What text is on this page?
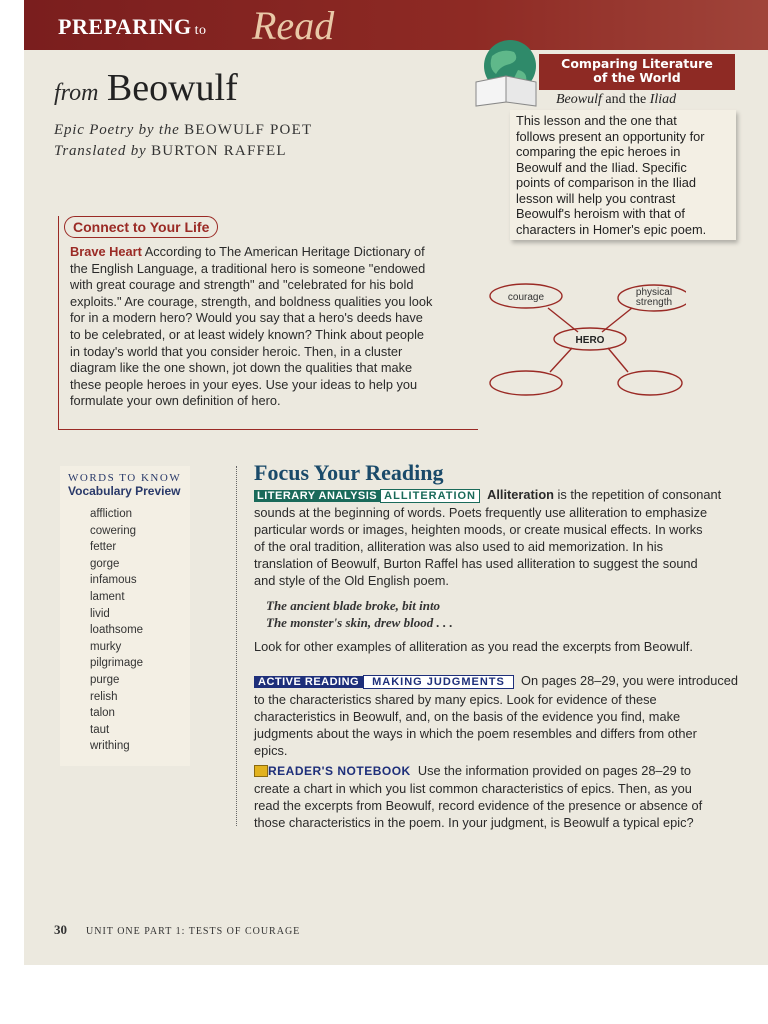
PREPARING to Read
from Beowulf
Epic Poetry by the BEOWULF POET
Translated by BURTON RAFFEL
Comparing Literature
of the World
Beowulf and the Iliad
This lesson and the one that
follows present an opportunity for
comparing the epic heroes in
Beowulf and the Iliad. Specific
points of comparison in the Iliad
lesson will help you contrast
Beowulf's heroism with that of
characters in Homer's epic poem.
Connect to Your Life
Brave Heart According to The American Heritage Dictionary of
the English Language, a traditional hero is someone "endowed
with great courage and strength" and "celebrated for his bold
exploits." Are courage, strength, and boldness qualities you look
for in a modern hero? Would you say that a hero's deeds have
to be celebrated, or at least widely known? Think about people
in today's world that you consider heroic. Then, in a cluster
diagram like the one shown, jot down the qualities that make
these people heroes in your eyes. Use your ideas to help you
formulate your own definition of hero.
courage	physical
strength
HERO
WORDS TO KNOW
Vocabulary Preview
affliction
cowering
fetter
gorge
infamous
lament
livid
loathsome
murky
pilgrimage
purge
relish
talon
taut
writhing
Focus Your Reading
LITERARY ANALYSIS ALLITERATION Alliteration is the repetition of consonant
sounds at the beginning of words. Poets frequently use alliteration to emphasize
particular words or images, heighten moods, or create musical effects. In works
of the oral tradition, alliteration was also used to aid memorization. In his
translation of Beowulf, Burton Raffel has used alliteration to suggest the sound
and style of the Old English poem.
The ancient blade broke, bit into
The monster's skin, drew blood . . .
Look for other examples of alliteration as you read the excerpts from Beowulf.
ACTIVE READING MAKING JUDGMENTS On pages 28–29, you were introduced
to the characteristics shared by many epics. Look for evidence of these
characteristics in Beowulf, and, on the basis of the evidence you find, make
judgments about the ways in which the poem resembles and differs from other
epics.
READER'S NOTEBOOK Use the information provided on pages 28–29 to
create a chart in which you list common characteristics of epics. Then, as you
read the excerpts from Beowulf, record evidence of the presence or absence of
those characteristics in the poem. In your judgment, is Beowulf a typical epic?
30 UNIT ONE PART 1: TESTS OF COURAGE
